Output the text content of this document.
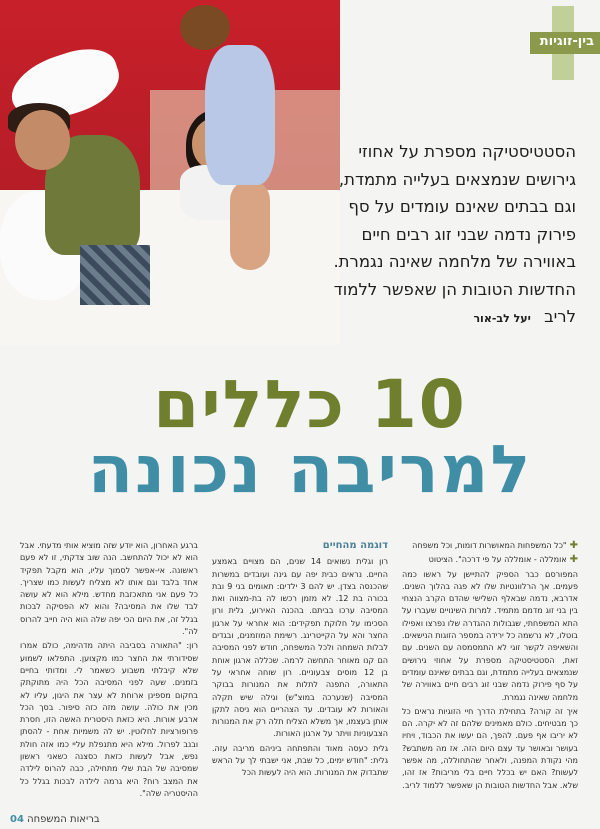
בין-זוגיות
הסטטיסטיקה מספרת על אחוזי גירושים שנמצאים בעלייה מתמדת, וגם בבתים שאינם עומדים על סף פירוק נדמה שבני זוג רבים חיים באווירה של מלחמה שאינה נגמרת. החדשות הטובות הן שאפשר ללמוד לריב יעל לב-אור
10 כללים
למריבה נכונה

✚"כל המשפחות המאושרות דומות, וכל משפחה

✚אומללה - אומללה על פי דרכה". הציטוט

המפורסם כבר הספיק להתיישן על ראשו כמה פעמים. אך הרלוונטיות שלו לא פגה בהלוך השנים. אדרבא, נדמה שבאלף השלישי שהדם הקרב הנצחי בין בני זוג מדמם מתמיד. למרות השינויים שעברו על התא המשפחתי, שגבולות ההגדרה שלו נפרצו ואפילו בוטלו, לא נרשמה כל ירידה במספר הזוגות הנישאים. והשאיפה לקשר זוגי לא התמסמסה עם השנים. עם זאת, הסטטיסטיקה מספרת על אחוזי גירושים שנמצאים בעלייה מתמדת, וגם בבתים שאינם עומדים על סף פירוק נדמה שבני זוג רבים חיים באווירה של מלחמה שאינה נגמרת.

איך זה קורה? בתחילת הדרך חיי הזוגיות נראים כל כך מבטיחים. כולם מאמינים שלהם זה לא יקרה. הם לא יריבו אף פעם. להפך, הם יעשו את הכבוד, ויחיו בעושר ובאושר עד עצם היום הזה. אז מה משתבש? מהי נקודת המפנה, ולאחר שהתחוללה, מה אפשר לעשות? האם יש בכלל חיים בלי מריבות? אז זהו, שלא. אבל החדשות הטובות הן שאפשר ללמוד לריב.

דוגמה מהחיים

רון וגלית נשואים 14 שנים, הם מצויים באמצע החיים. נראים כבית יפה עם גינה ועובדים במשרות שהכנסה בצדן. יש להם 3 ילדים: תאומים בני 9 ובת בכורה בת 12. לא מזמן רכשו לה בת-מצווה ואת המסיבה ערכו בביתם. בהכנה האירוע, גלית ורון הסכימו על חלוקת תפקידים: הוא אחראי על ארגון החצר והא על הקייטרינג. רשימת המוזמנים, ובגדים לבלות השמחה ולכל המשפחה, חודש לפני המסיבה הם קנו מאוחר התחשה לרמה. שכללה ארגון אוחת בן 12 מוסים צבעוניים. רון שוחה אחראי על התאורה, התפנה לתלות את המנורות בבוקר המסיבה (שנערכה במוצ"ש) וגילה שיש תקלה והאורות לא עובדים. עד הצהריים הוא ניסה לתקן אותן בעצמו, אך משלא הצליח תלה רק את המנורות הצבעוניות וויתר על ארגון האורות.

גלית כעסה מאוד והתפתחה ביניהם מריבה עזה. גלית: "חודש ימים, כל שבת, אני ישבתי לך על הראש שתבדוק את המנורות. הוא היה לעשות הכל

ברגע האחרון, הוא יודע שזה מוציא אותי מדעתי. אבל הוא לא יכול להתחשב. הנה שוב צדקתי, זו לא פעם ראשונה. אי-אפשר לסמוך עליו, הוא מקבל תפקיד אחד בלבד וגם אותו לא מצליח לעשות כמו שצריך. כל פעם אני מתאכזבת מחדש. מילא הוא לא עושה לבד שלו את המסיבה? והוא לא הפסיקה לבכות בגלל זה, את היום הכי יפה שלה הוא היה חייב להרוס לה".

רון: "התאורה בסביבה היתה מדהימה, כולם אמרו שסידורתי את החצר כמו מקצוען. התפלאו לשמוע שלא קיבלתי משבוע כשאמר לי. ומדותי בחיים בזמנים. שעה לפני המסיבה הכל היה מתוקתק בחקום מספינן ארוחת לא עצר את היגון, עליו לא מכין את כולה. עושה מזה כזה סיפור. בסך הכל ארבע אורות. היא כזאת היסטרית האשה הזו, חסרת פרופורציות לחלוטין. יש לה משמיות אחת - להסתן ובנב לפרול. מילא היא מתנפלת עליי כמו אזה חולת נפש, אבל לעשות כזאת כסצנה כשאני ראשון שמסיבה של הבת שלי מתחילה, כבה להרוס לילדה את המצב רוח? היא גרמה לילדה לבכות בגלל כל ההיסטריה שלה".

04 בריאות המשפחה
